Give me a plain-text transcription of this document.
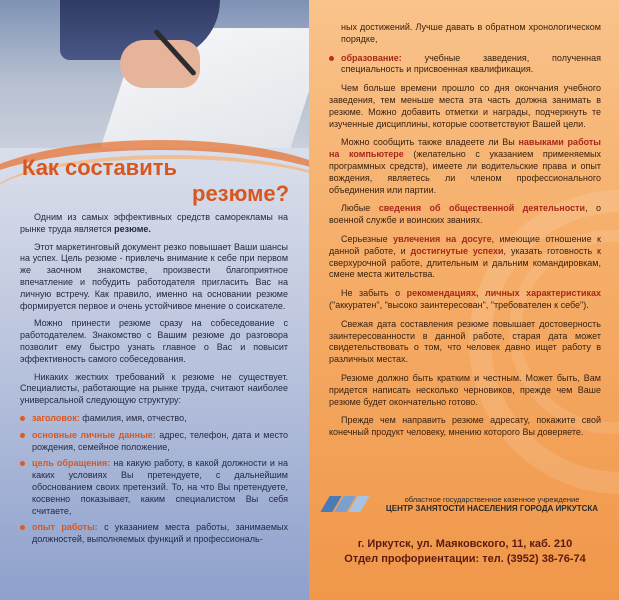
Как составить
резюме?

Одним из самых эффективных средств саморекламы на рынке труда является резюме.

Этот маркетинговый документ резко повышает Ваши шансы на успех. Цель резюме - привлечь внимание к себе при первом же заочном знакомстве, произвести благоприятное впечатление и побудить работодателя пригласить Вас на личную встречу. Как правило, именно на основании резюме формируется первое и очень устойчивое мнение о соискателе.

Можно принести резюме сразу на собеседование с работодателем. Знакомство с Вашим резюме до разговора позволит ему быстро узнать главное о Вас и повысит эффективность самого собеседования.

Никаких жестких требований к резюме не существует. Специалисты, работающие на рынке труда, считают наиболее универсальной следующую структуру:

заголовок: фамилия, имя, отчество,
основные личные данные: адрес, телефон, дата и место рождения, семейное положение,
цель обращения: на какую работу, в какой должности и на каких условиях Вы претендуете, с дальнейшим обоснованием своих претензий. То, на что Вы претендуете, косвенно показывает, каким специалистом Вы себя считаете,
опыт работы: с указанием места работы, занимаемых должностей, выполняемых функций и профессиональ-

ных достижений. Лучше давать в обратном хронологическом порядке,

образование: учебные заведения, полученная специальность и присвоенная квалификация.

Чем больше времени прошло со дня окончания учебного заведения, тем меньше места эта часть должна занимать в резюме. Можно добавить отметки и награды, подчеркнуть те изученные дисциплины, которые соответствуют Вашей цели.

Можно сообщить также владеете ли Вы навыками работы на компьютере (желательно с указанием применяемых программных средств), имеете ли водительские права и опыт вождения, являетесь ли членом профессионального объединения или партии.

Любые сведения об общественной деятельности, о военной службе и воинских званиях.

Серьезные увлечения на досуге, имеющие отношение к данной работе, и достигнутые успехи, указать готовность к сверхурочной работе, длительным и дальним командировкам, смене места жительства.

Не забыть о рекомендациях, личных характеристиках ("аккуратен", "высоко заинтересован", "требователен к себе").

Свежая дата составления резюме повышает достоверность заинтересованности в данной работе, старая дата может свидетельствовать о том, что человек давно ищет работу в различных местах.

Резюме должно быть кратким и честным. Может быть, Вам придется написать несколько черновиков, прежде чем Ваше резюме будет окончательно готово.

Прежде чем направить резюме адресату, покажите свой конечный продукт человеку, мнению которого Вы доверяете.

областное государственное казенное учреждение
ЦЕНТР ЗАНЯТОСТИ НАСЕЛЕНИЯ ГОРОДА ИРКУТСКА
г. Иркутск, ул. Маяковского, 11, каб. 210
Отдел профориентации: тел. (3952) 38-76-74
